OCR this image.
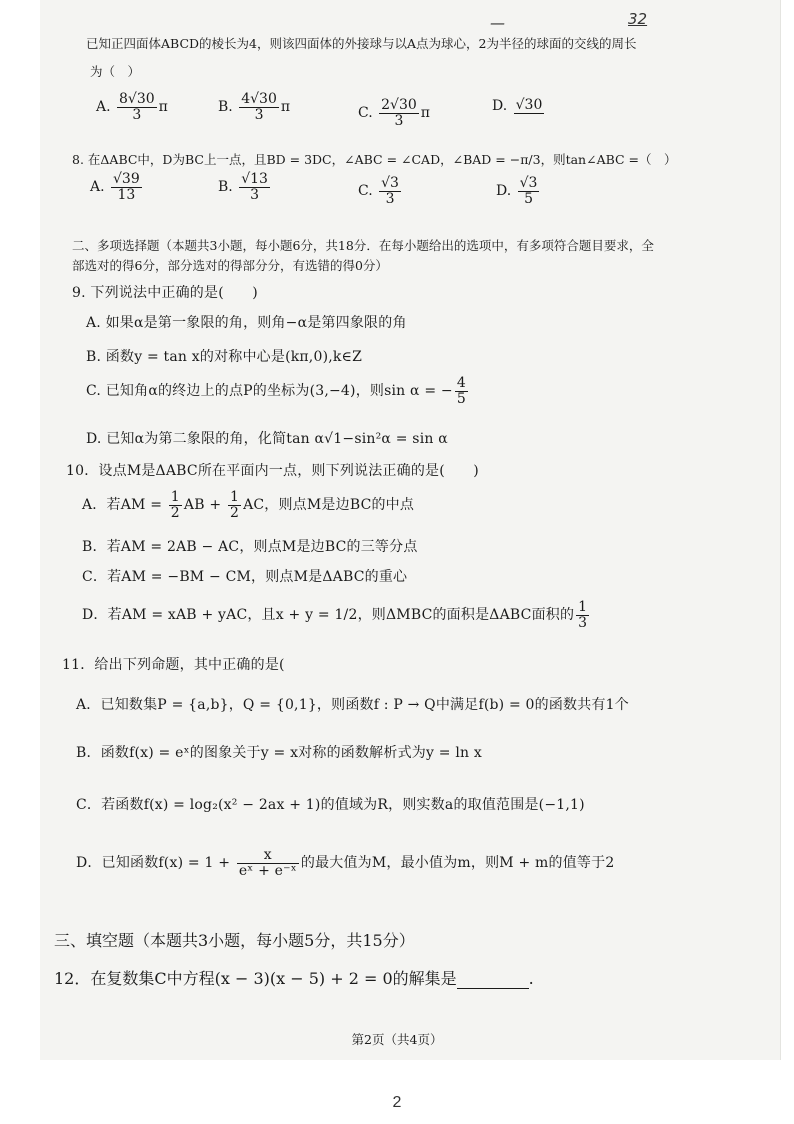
—	32
已知正四面体ABCD的棱长为4，则该四面体的外接球与以A点为球心，2为半径的球面的交线的周长
为（　）
A. $\frac{8√30}{3}$ π	B. $\frac{4√30}{3}$ π	C. $\frac{2√30}{3}$ π	D. √30
8. 在ΔABC中，D为BC上一点，且BD = 3DC，∠ABC = ∠CAD，∠BAD = −π/3，则tan∠ABC =（　）
A. $\frac{√39}{13}$	B. $\frac{√13}{3}$	C. $\frac{√3}{3}$	D. $\frac{√3}{5}$
二、多项选择题（本题共3小题，每小题6分，共18分．在每小题给出的选项中，有多项符合题目要求，全
部选对的得6分，部分选对的得部分分，有选错的得0分）
9. 下列说法中正确的是(　　)
A. 如果α是第一象限的角，则角−α是第四象限的角
B. 函数y = tan x的对称中心是(kπ,0),k∈Z
C. 已知角α的终边上的点P的坐标为(3,−4)，则sin α = − $\frac{4}{5}$
D. 已知α为第二象限的角，化简tan α√1−sin²α = sin α
10．设点M是ΔABC所在平面内一点，则下列说法正确的是(　　)
A．若AM = $\frac{1}{2}$ AB + $\frac{1}{2}$ AC，则点M是边BC的中点
B．若AM = 2AB − AC，则点M是边BC的三等分点
C．若AM = −BM − CM，则点M是ΔABC的重心
D．若AM = xAB + yAC，且x + y = 1/2，则ΔMBC的面积是ΔABC面积的 $\frac{1}{3}$
11．给出下列命题，其中正确的是(
A．已知数集P = {a,b}，Q = {0,1}，则函数f : P → Q中满足f(b) = 0的函数共有1个
B．函数f(x) = eˣ的图象关于y = x对称的函数解析式为y = ln x
C．若函数f(x) = log₂(x² − 2ax + 1)的值域为R，则实数a的取值范围是(−1,1)
D．已知函数$f(x) = 1 + \frac{x}{\text{eˣ + e⁻ˣ}}$ 的最大值为M，最小值为m，则M + m的值等于2
三、填空题（本题共3小题，每小题5分，共15分）
12．在复数集C中方程(x − 3)(x − 5) + 2 = 0的解集是	.
第2页（共4页）
2
